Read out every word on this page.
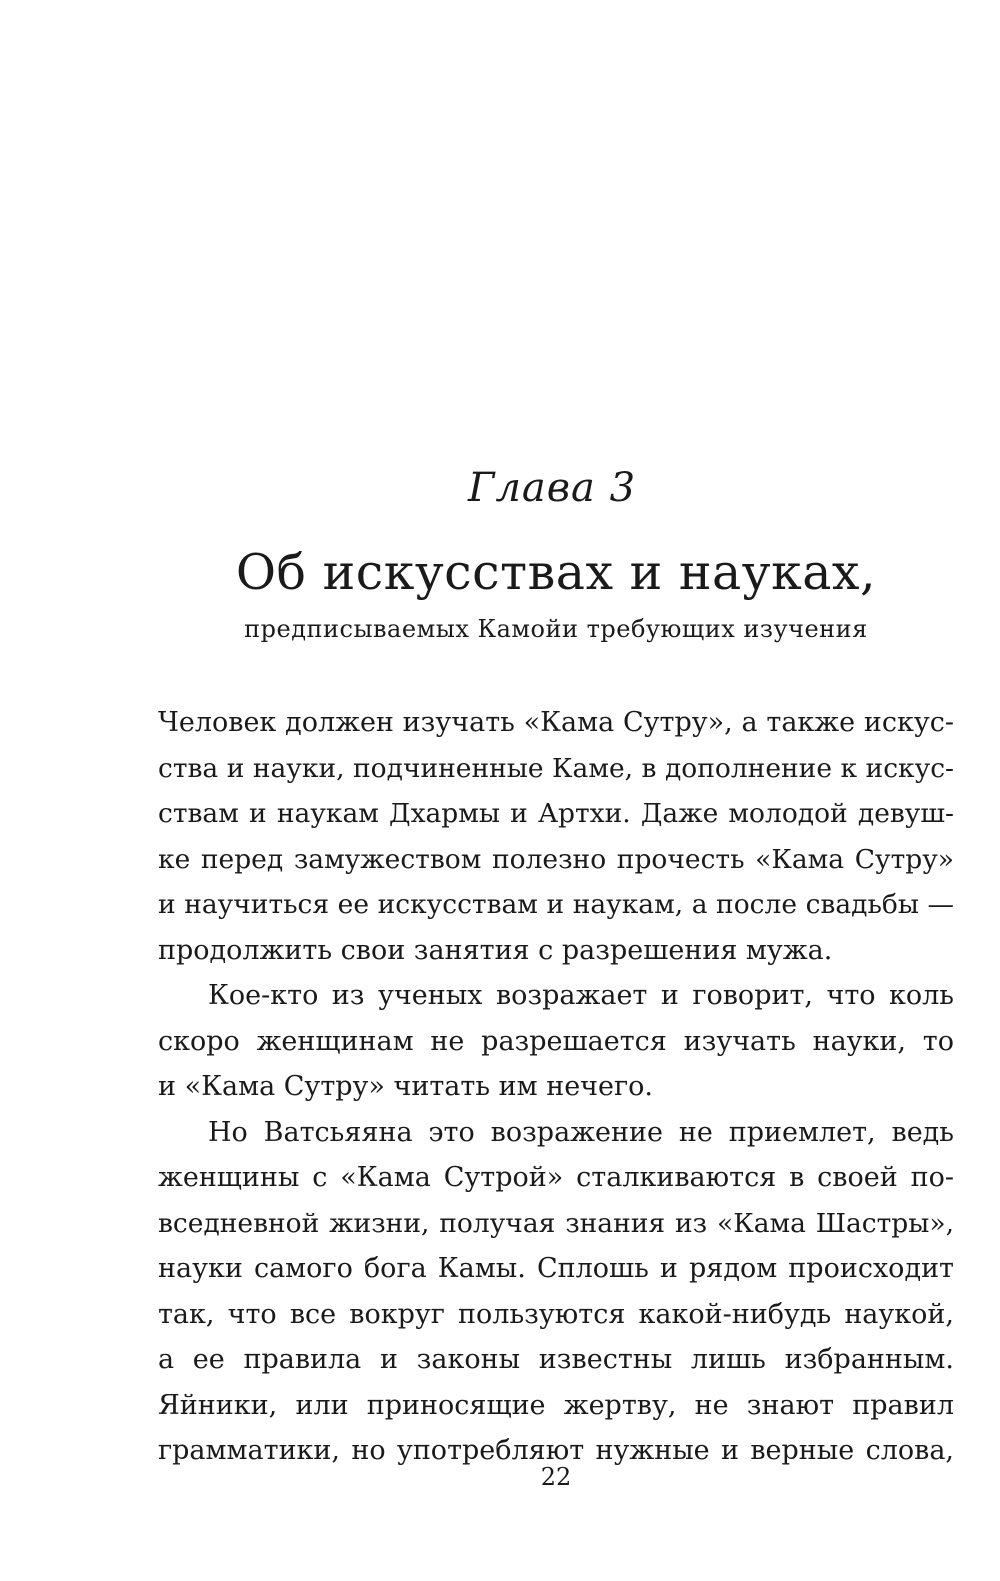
Глава 3
Об искусствах и науках,
предписываемых Камойи требующих изучения

Человек должен изучать «Кама Сутру», а также искус-
ства и науки, подчиненные Каме, в дополнение к искус-
ствам и наукам Дхармы и Артхи. Даже молодой девуш-
ке перед замужеством полезно прочесть «Кама Сутру»
и научиться ее искусствам и наукам, а после свадьбы —
продолжить свои занятия с разрешения мужа.

Кое-кто из ученых возражает и говорит, что коль
скоро женщинам не разрешается изучать науки, то
и «Кама Сутру» читать им нечего.

Но Ватсьяяна это возражение не приемлет, ведь
женщины с «Кама Сутрой» сталкиваются в своей по-
вседневной жизни, получая знания из «Кама Шастры»,
науки самого бога Камы. Сплошь и рядом происходит
так, что все вокруг пользуются какой-нибудь наукой,
а ее правила и законы известны лишь избранным.
Яйники, или приносящие жертву, не знают правил
грамматики, но употребляют нужные и верные слова,

22
